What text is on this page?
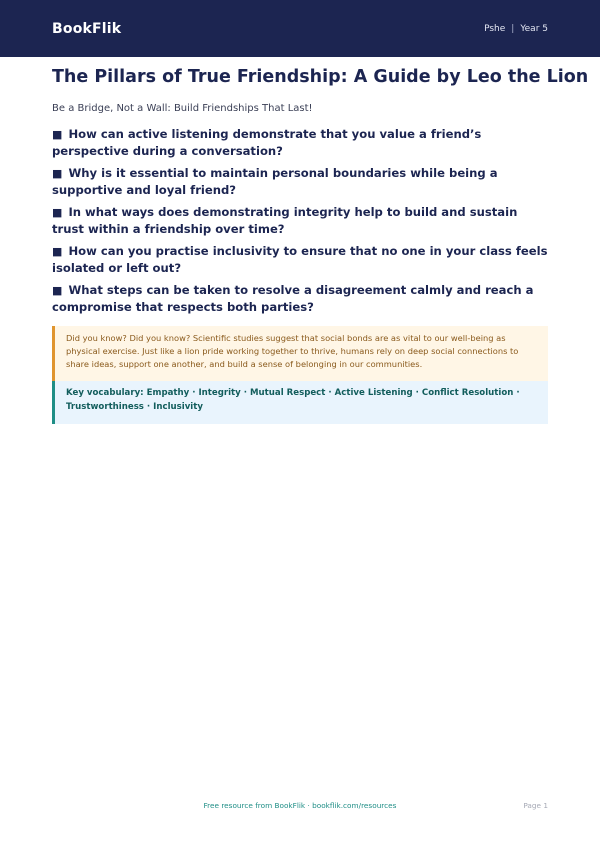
BookFlik	Pshe | Year 5
The Pillars of True Friendship: A Guide by Leo the Lion

Be a Bridge, Not a Wall: Build Friendships That Last!

■ How can active listening demonstrate that you value a friend’s perspective during a conversation?

■ Why is it essential to maintain personal boundaries while being a supportive and loyal friend?

■ In what ways does demonstrating integrity help to build and sustain trust within a friendship over time?

■ How can you practise inclusivity to ensure that no one in your class feels isolated or left out?

■ What steps can be taken to resolve a disagreement calmly and reach a compromise that respects both parties?

Did you know? Did you know? Scientific studies suggest that social bonds are as vital to our well-being as physical exercise. Just like a lion pride working together to thrive, humans rely on deep social connections to share ideas, support one another, and build a sense of belonging in our communities.
Key vocabulary: Empathy · Integrity · Mutual Respect · Active Listening · Conflict Resolution · Trustworthiness · Inclusivity
Free resource from BookFlik · bookflik.com/resources	Page 1
